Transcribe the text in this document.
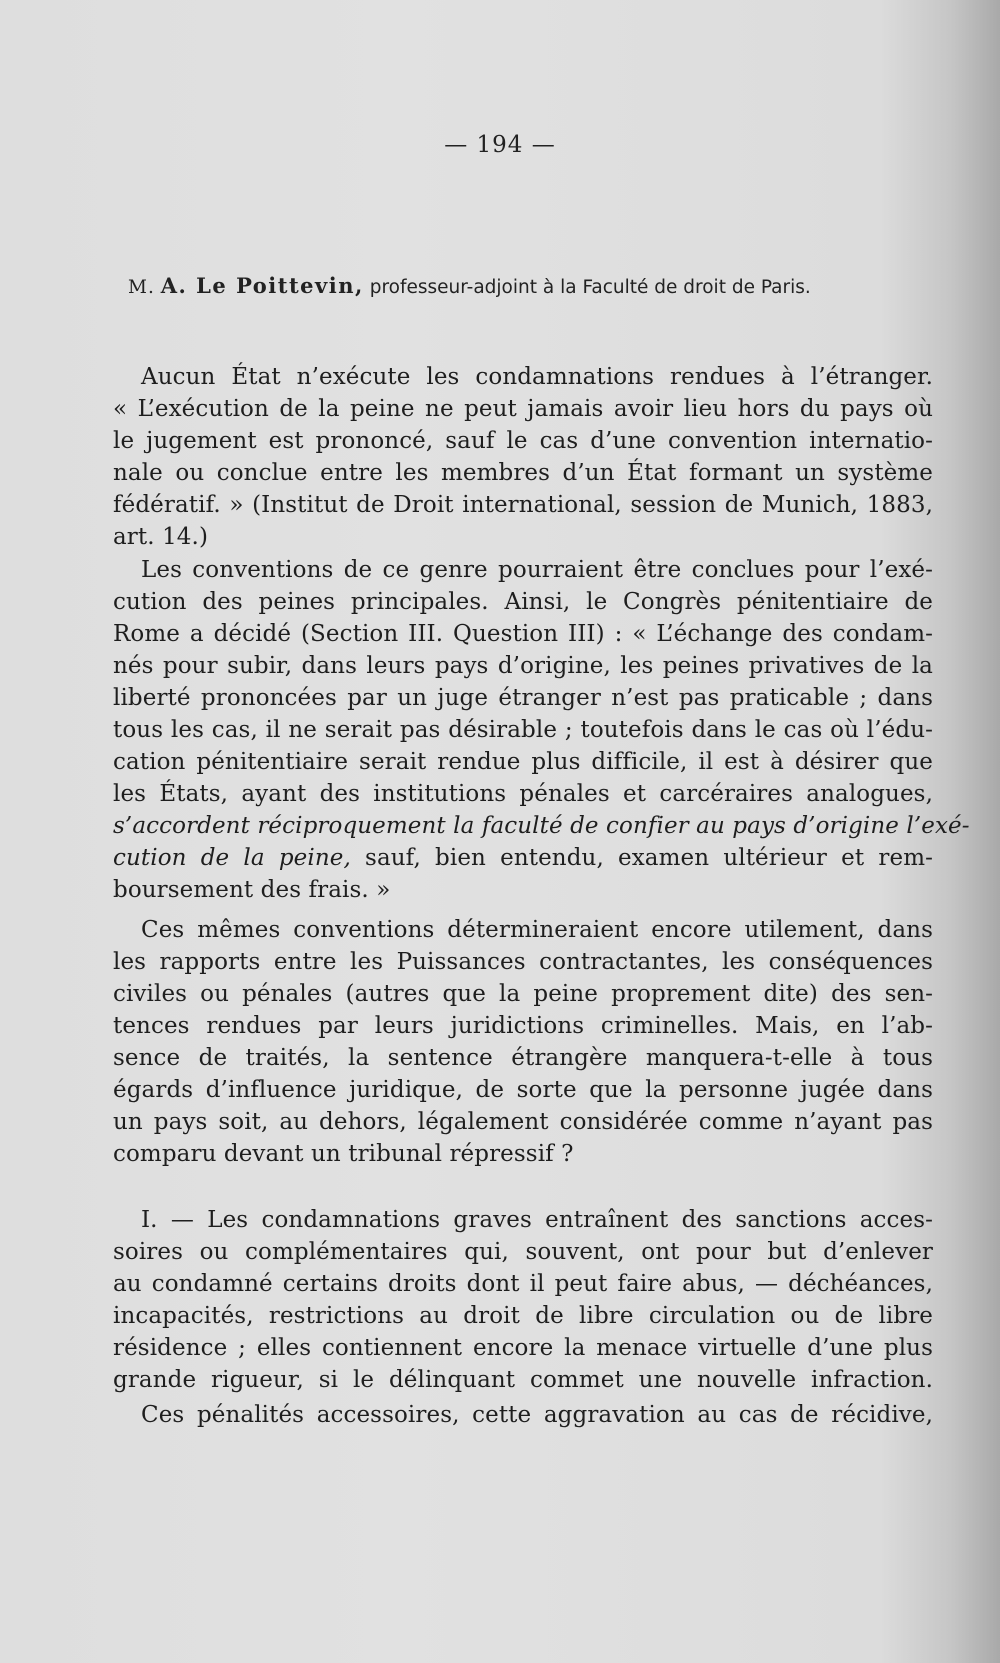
— 194 —
M. A. Le Poittevin, professeur-adjoint à la Faculté de droit de Paris.
Aucun État n’exécute les condamnations rendues à l’étranger.
« L’exécution de la peine ne peut jamais avoir lieu hors du pays où
le jugement est prononcé, sauf le cas d’une convention internatio-
nale ou conclue entre les membres d’un État formant un système
fédératif. » (Institut de Droit international, session de Munich, 1883,
art. 14.)
Les conventions de ce genre pourraient être conclues pour l’exé-
cution des peines principales. Ainsi, le Congrès pénitentiaire de
Rome a décidé (Section III. Question III) : « L’échange des condam-
nés pour subir, dans leurs pays d’origine, les peines privatives de la
liberté prononcées par un juge étranger n’est pas praticable ; dans
tous les cas, il ne serait pas désirable ; toutefois dans le cas où l’édu-
cation pénitentiaire serait rendue plus difficile, il est à désirer que
les États, ayant des institutions pénales et carcéraires analogues,
s’accordent réciproquement la faculté de confier au pays d’origine l’exé-
cution de la peine, sauf, bien entendu, examen ultérieur et rem-
boursement des frais. »
Ces mêmes conventions détermineraient encore utilement, dans
les rapports entre les Puissances contractantes, les conséquences
civiles ou pénales (autres que la peine proprement dite) des sen-
tences rendues par leurs juridictions criminelles. Mais, en l’ab-
sence de traités, la sentence étrangère manquera-t-elle à tous
égards d’influence juridique, de sorte que la personne jugée dans
un pays soit, au dehors, légalement considérée comme n’ayant pas
comparu devant un tribunal répressif ?
I. — Les condamnations graves entraînent des sanctions acces-
soires ou complémentaires qui, souvent, ont pour but d’enlever
au condamné certains droits dont il peut faire abus, — déchéances,
incapacités, restrictions au droit de libre circulation ou de libre
résidence ; elles contiennent encore la menace virtuelle d’une plus
grande rigueur, si le délinquant commet une nouvelle infraction.
Ces pénalités accessoires, cette aggravation au cas de récidive,
